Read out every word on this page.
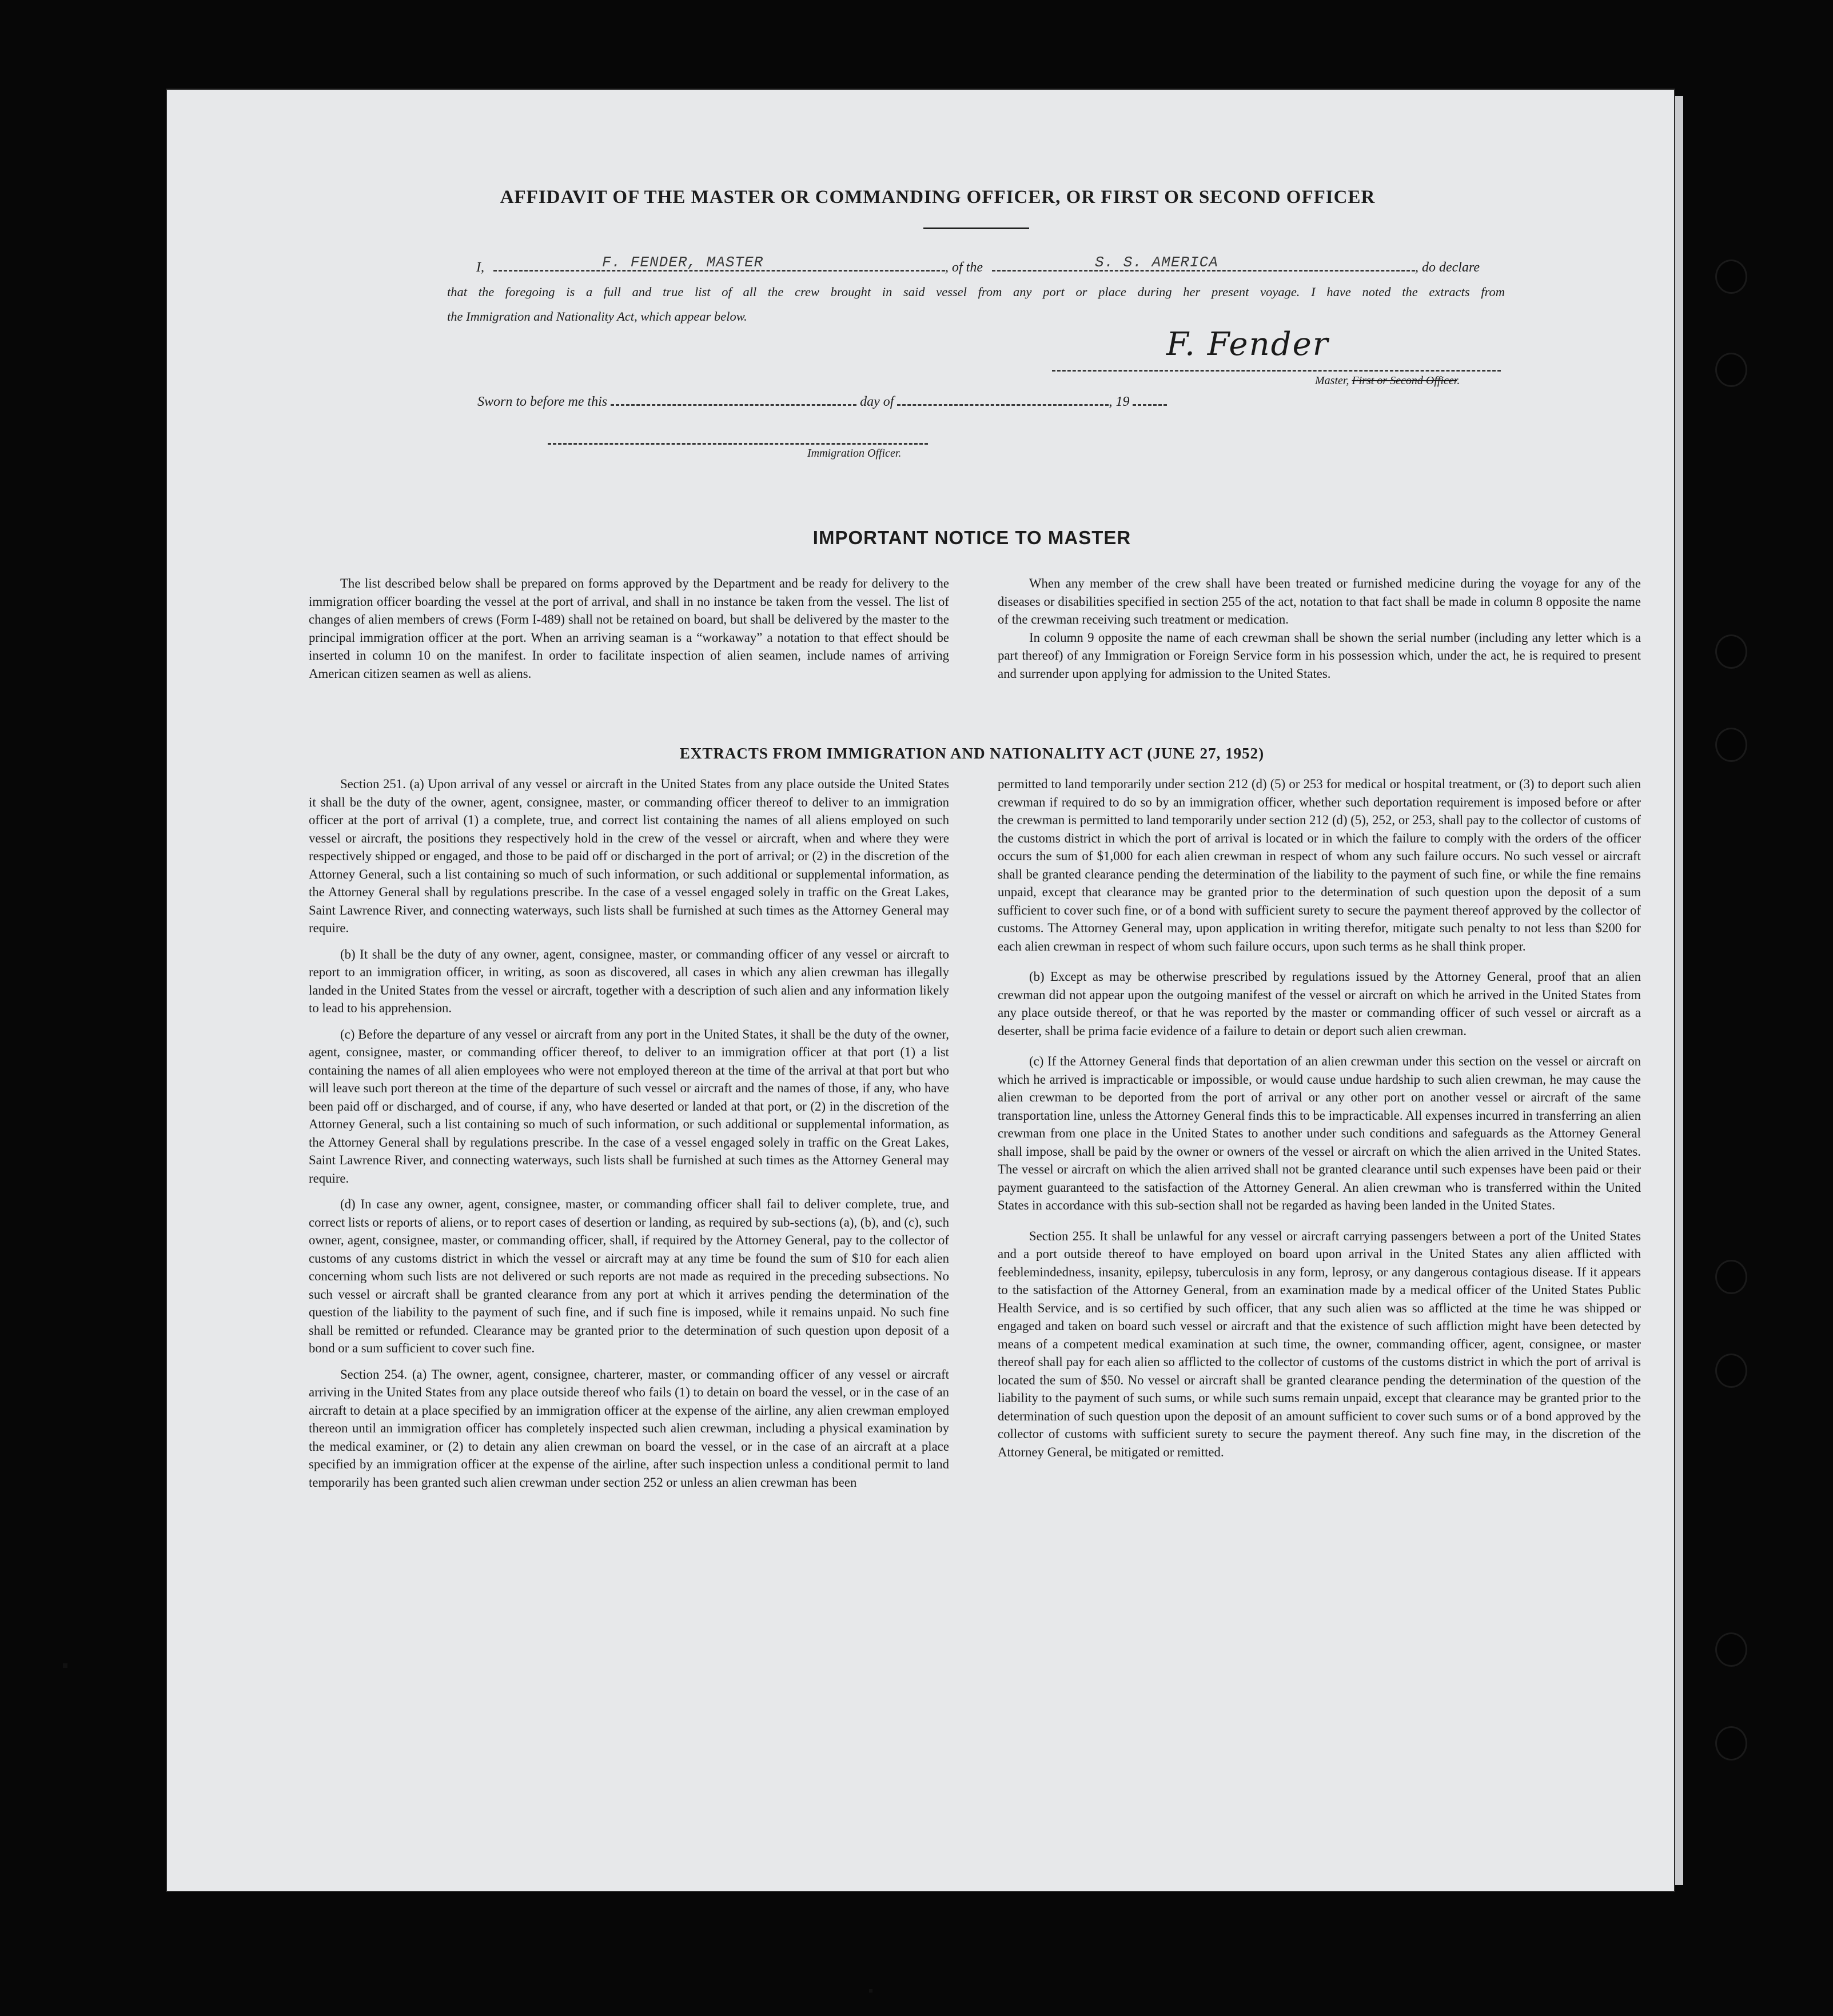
AFFIDAVIT OF THE MASTER OR COMMANDING OFFICER, OR FIRST OR SECOND OFFICER
I,	F. FENDER, MASTER	, of the	S. S. AMERICA	, do declare
that the foregoing is a full and true list of all the crew brought in said vessel from any port or place during her present voyage. I have noted the extracts from
the Immigration and Nationality Act, which appear below.
F. Fender
Master, First or Second Officer.
Sworn to before me this	day of	, 19
Immigration Officer.
IMPORTANT NOTICE TO MASTER

The list described below shall be prepared on forms approved by the Department and be ready for delivery to the immigration officer boarding the vessel at the port of arrival, and shall in no instance be taken from the vessel. The list of changes of alien members of crews (Form I-489) shall not be retained on board, but shall be delivered by the master to the principal immigration officer at the port. When an arriving seaman is a “workaway” a notation to that effect should be inserted in column 10 on the manifest. In order to facilitate inspection of alien seamen, include names of arriving American citizen seamen as well as aliens.

When any member of the crew shall have been treated or furnished medicine during the voyage for any of the diseases or disabilities specified in section 255 of the act, notation to that fact shall be made in column 8 opposite the name of the crewman receiving such treatment or medication.

In column 9 opposite the name of each crewman shall be shown the serial number (including any letter which is a part thereof) of any Immigration or Foreign Service form in his possession which, under the act, he is required to present and surrender upon applying for admission to the United States.

EXTRACTS FROM IMMIGRATION AND NATIONALITY ACT (JUNE 27, 1952)

Section 251. (a) Upon arrival of any vessel or aircraft in the United States from any place outside the United States it shall be the duty of the owner, agent, consignee, master, or commanding officer thereof to deliver to an immigration officer at the port of arrival (1) a complete, true, and correct list containing the names of all aliens employed on such vessel or aircraft, the positions they respectively hold in the crew of the vessel or aircraft, when and where they were respectively shipped or engaged, and those to be paid off or discharged in the port of arrival; or (2) in the discretion of the Attorney General, such a list containing so much of such information, or such additional or supplemental information, as the Attorney General shall by regulations prescribe. In the case of a vessel engaged solely in traffic on the Great Lakes, Saint Lawrence River, and connecting waterways, such lists shall be furnished at such times as the Attorney General may require.

(b) It shall be the duty of any owner, agent, consignee, master, or commanding officer of any vessel or aircraft to report to an immigration officer, in writing, as soon as discovered, all cases in which any alien crewman has illegally landed in the United States from the vessel or aircraft, together with a description of such alien and any information likely to lead to his apprehension.

(c) Before the departure of any vessel or aircraft from any port in the United States, it shall be the duty of the owner, agent, consignee, master, or commanding officer thereof, to deliver to an immigration officer at that port (1) a list containing the names of all alien employees who were not employed thereon at the time of the arrival at that port but who will leave such port thereon at the time of the departure of such vessel or aircraft and the names of those, if any, who have been paid off or discharged, and of course, if any, who have deserted or landed at that port, or (2) in the discretion of the Attorney General, such a list containing so much of such information, or such additional or supplemental information, as the Attorney General shall by regulations prescribe. In the case of a vessel engaged solely in traffic on the Great Lakes, Saint Lawrence River, and connecting waterways, such lists shall be furnished at such times as the Attorney General may require.

(d) In case any owner, agent, consignee, master, or commanding officer shall fail to deliver complete, true, and correct lists or reports of aliens, or to report cases of desertion or landing, as required by sub-sections (a), (b), and (c), such owner, agent, consignee, master, or commanding officer, shall, if required by the Attorney General, pay to the collector of customs of any customs district in which the vessel or aircraft may at any time be found the sum of $10 for each alien concerning whom such lists are not delivered or such reports are not made as required in the preceding subsections. No such vessel or aircraft shall be granted clearance from any port at which it arrives pending the determination of the question of the liability to the payment of such fine, and if such fine is imposed, while it remains unpaid. No such fine shall be remitted or refunded. Clearance may be granted prior to the determination of such question upon deposit of a bond or a sum sufficient to cover such fine.

Section 254. (a) The owner, agent, consignee, charterer, master, or commanding officer of any vessel or aircraft arriving in the United States from any place outside thereof who fails (1) to detain on board the vessel, or in the case of an aircraft to detain at a place specified by an immigration officer at the expense of the airline, any alien crewman employed thereon until an immigration officer has completely inspected such alien crewman, including a physical examination by the medical examiner, or (2) to detain any alien crewman on board the vessel, or in the case of an aircraft at a place specified by an immigration officer at the expense of the airline, after such inspection unless a conditional permit to land temporarily has been granted such alien crewman under section 252 or unless an alien crewman has been

permitted to land temporarily under section 212 (d) (5) or 253 for medical or hospital treatment, or (3) to deport such alien crewman if required to do so by an immigration officer, whether such deportation requirement is imposed before or after the crewman is permitted to land temporarily under section 212 (d) (5), 252, or 253, shall pay to the collector of customs of the customs district in which the port of arrival is located or in which the failure to comply with the orders of the officer occurs the sum of $1,000 for each alien crewman in respect of whom any such failure occurs. No such vessel or aircraft shall be granted clearance pending the determination of the liability to the payment of such fine, or while the fine remains unpaid, except that clearance may be granted prior to the determination of such question upon the deposit of a sum sufficient to cover such fine, or of a bond with sufficient surety to secure the payment thereof approved by the collector of customs. The Attorney General may, upon application in writing therefor, mitigate such penalty to not less than $200 for each alien crewman in respect of whom such failure occurs, upon such terms as he shall think proper.

(b) Except as may be otherwise prescribed by regulations issued by the Attorney General, proof that an alien crewman did not appear upon the outgoing manifest of the vessel or aircraft on which he arrived in the United States from any place outside thereof, or that he was reported by the master or commanding officer of such vessel or aircraft as a deserter, shall be prima facie evidence of a failure to detain or deport such alien crewman.

(c) If the Attorney General finds that deportation of an alien crewman under this section on the vessel or aircraft on which he arrived is impracticable or impossible, or would cause undue hardship to such alien crewman, he may cause the alien crewman to be deported from the port of arrival or any other port on another vessel or aircraft of the same transportation line, unless the Attorney General finds this to be impracticable. All expenses incurred in transferring an alien crewman from one place in the United States to another under such conditions and safeguards as the Attorney General shall impose, shall be paid by the owner or owners of the vessel or aircraft on which the alien arrived in the United States. The vessel or aircraft on which the alien arrived shall not be granted clearance until such expenses have been paid or their payment guaranteed to the satisfaction of the Attorney General. An alien crewman who is transferred within the United States in accordance with this sub-section shall not be regarded as having been landed in the United States.

Section 255. It shall be unlawful for any vessel or aircraft carrying passengers between a port of the United States and a port outside thereof to have employed on board upon arrival in the United States any alien afflicted with feeblemindedness, insanity, epilepsy, tuberculosis in any form, leprosy, or any dangerous contagious disease. If it appears to the satisfaction of the Attorney General, from an examination made by a medical officer of the United States Public Health Service, and is so certified by such officer, that any such alien was so afflicted at the time he was shipped or engaged and taken on board such vessel or aircraft and that the existence of such affliction might have been detected by means of a competent medical examination at such time, the owner, commanding officer, agent, consignee, or master thereof shall pay for each alien so afflicted to the collector of customs of the customs district in which the port of arrival is located the sum of $50. No vessel or aircraft shall be granted clearance pending the determination of the question of the liability to the payment of such sums, or while such sums remain unpaid, except that clearance may be granted prior to the determination of such question upon the deposit of an amount sufficient to cover such sums or of a bond approved by the collector of customs with sufficient surety to secure the payment thereof. Any such fine may, in the discretion of the Attorney General, be mitigated or remitted.
